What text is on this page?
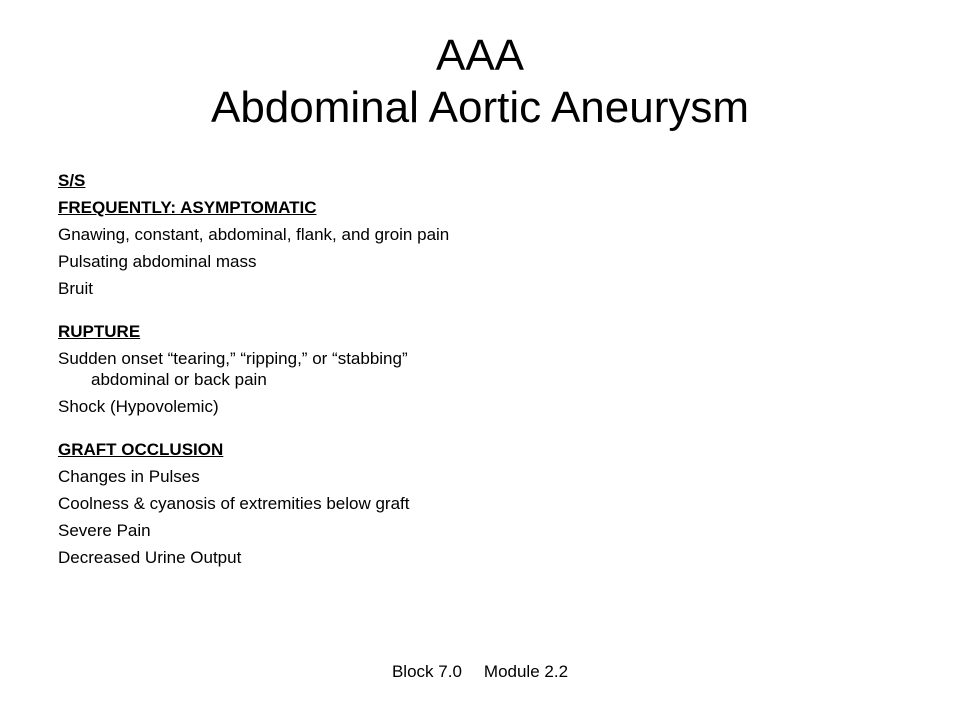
AAA
Abdominal Aortic Aneurysm

S/S

FREQUENTLY: ASYMPTOMATIC

Gnawing, constant, abdominal, flank, and groin pain

Pulsating abdominal mass

Bruit

RUPTURE

Sudden onset “tearing,” “ripping,” or “stabbing” abdominal or back pain

Shock (Hypovolemic)

GRAFT OCCLUSION

Changes in Pulses

Coolness & cyanosis of extremities below graft

Severe Pain

Decreased Urine Output

Block 7.0 Module 2.2
